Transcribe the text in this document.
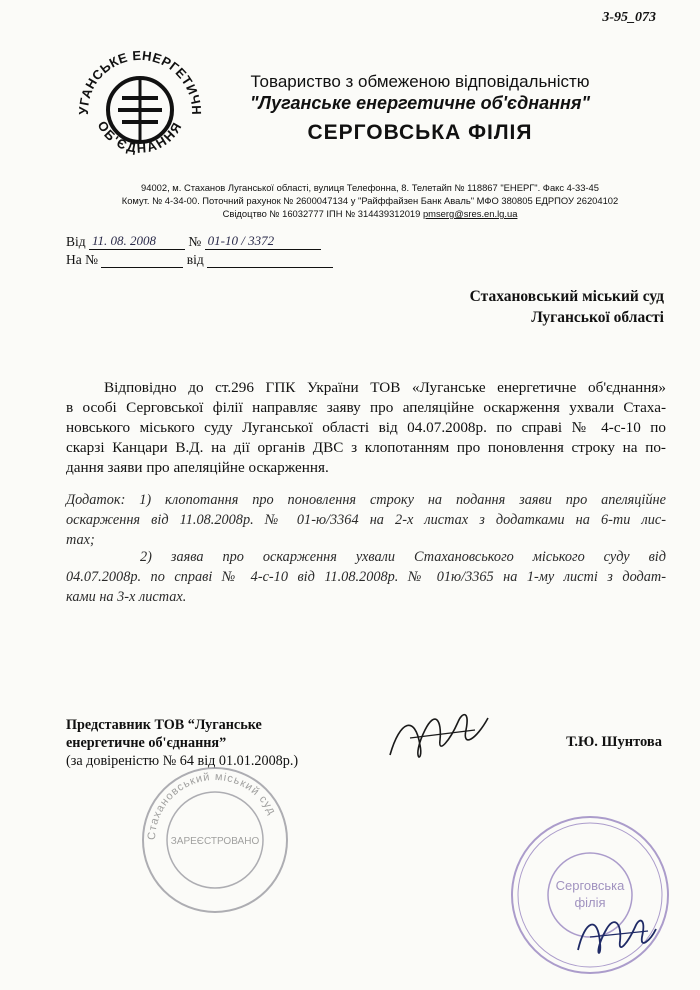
3-95_073
ЛУГАНСЬКЕ ЕНЕРГЕТИЧНЕ
ОБ'ЄДНАННЯ
Товариство з обмеженою відповідальністю
"Луганське енергетичне об'єднання"
СЕРГОВСЬКА ФІЛІЯ
94002, м. Стаханов Луганської області, вулиця Телефонна, 8. Телетайп № 118867 "ЕНЕРГ". Факс 4-33-45
Комут. № 4-34-00. Поточний рахунок № 2600047134 у "Райффайзен Банк Аваль" МФО 380805 ЕДРПОУ 26204102
Свідоцтво № 16032777 ІПН № 314439312019 pmserg@sres.en.lg.ua
Від 11. 08. 2008 № 01-10 / 3372
На №	від
Стахановський міський суд
Луганської області
Відповідно до ст.296 ГПК України ТОВ «Луганське енергетичне об'єднання»
в особі Серговської філії направляє заяву про апеляційне оскарження ухвали Стаха-
новського міського суду Луганської області від 04.07.2008р. по справі № 4-с-10 по
скарзі Канцари В.Д. на дії органів ДВС з клопотанням про поновлення строку на по-
дання заяви про апеляційне оскарження.
Додаток: 1) клопотання про поновлення строку на подання заяви про апеляційне
оскарження від 11.08.2008р. № 01-ю/3364 на 2-х листах з додатками на 6-ти лис-
тах;
2) заява про оскарження ухвали Стахановського міського суду від
04.07.2008р. по справі № 4-с-10 від 11.08.2008р. № 01ю/3365 на 1-му листі з додат-
ками на 3-х листах.
Представник ТОВ “Луганське
енергетичне об'єднання”
(за довіреністю № 64 від 01.01.2008р.)
Т.Ю. Шунтова
Стахановський міський суд
ЗАРЕЄСТРОВАНО
Серговська
філія
